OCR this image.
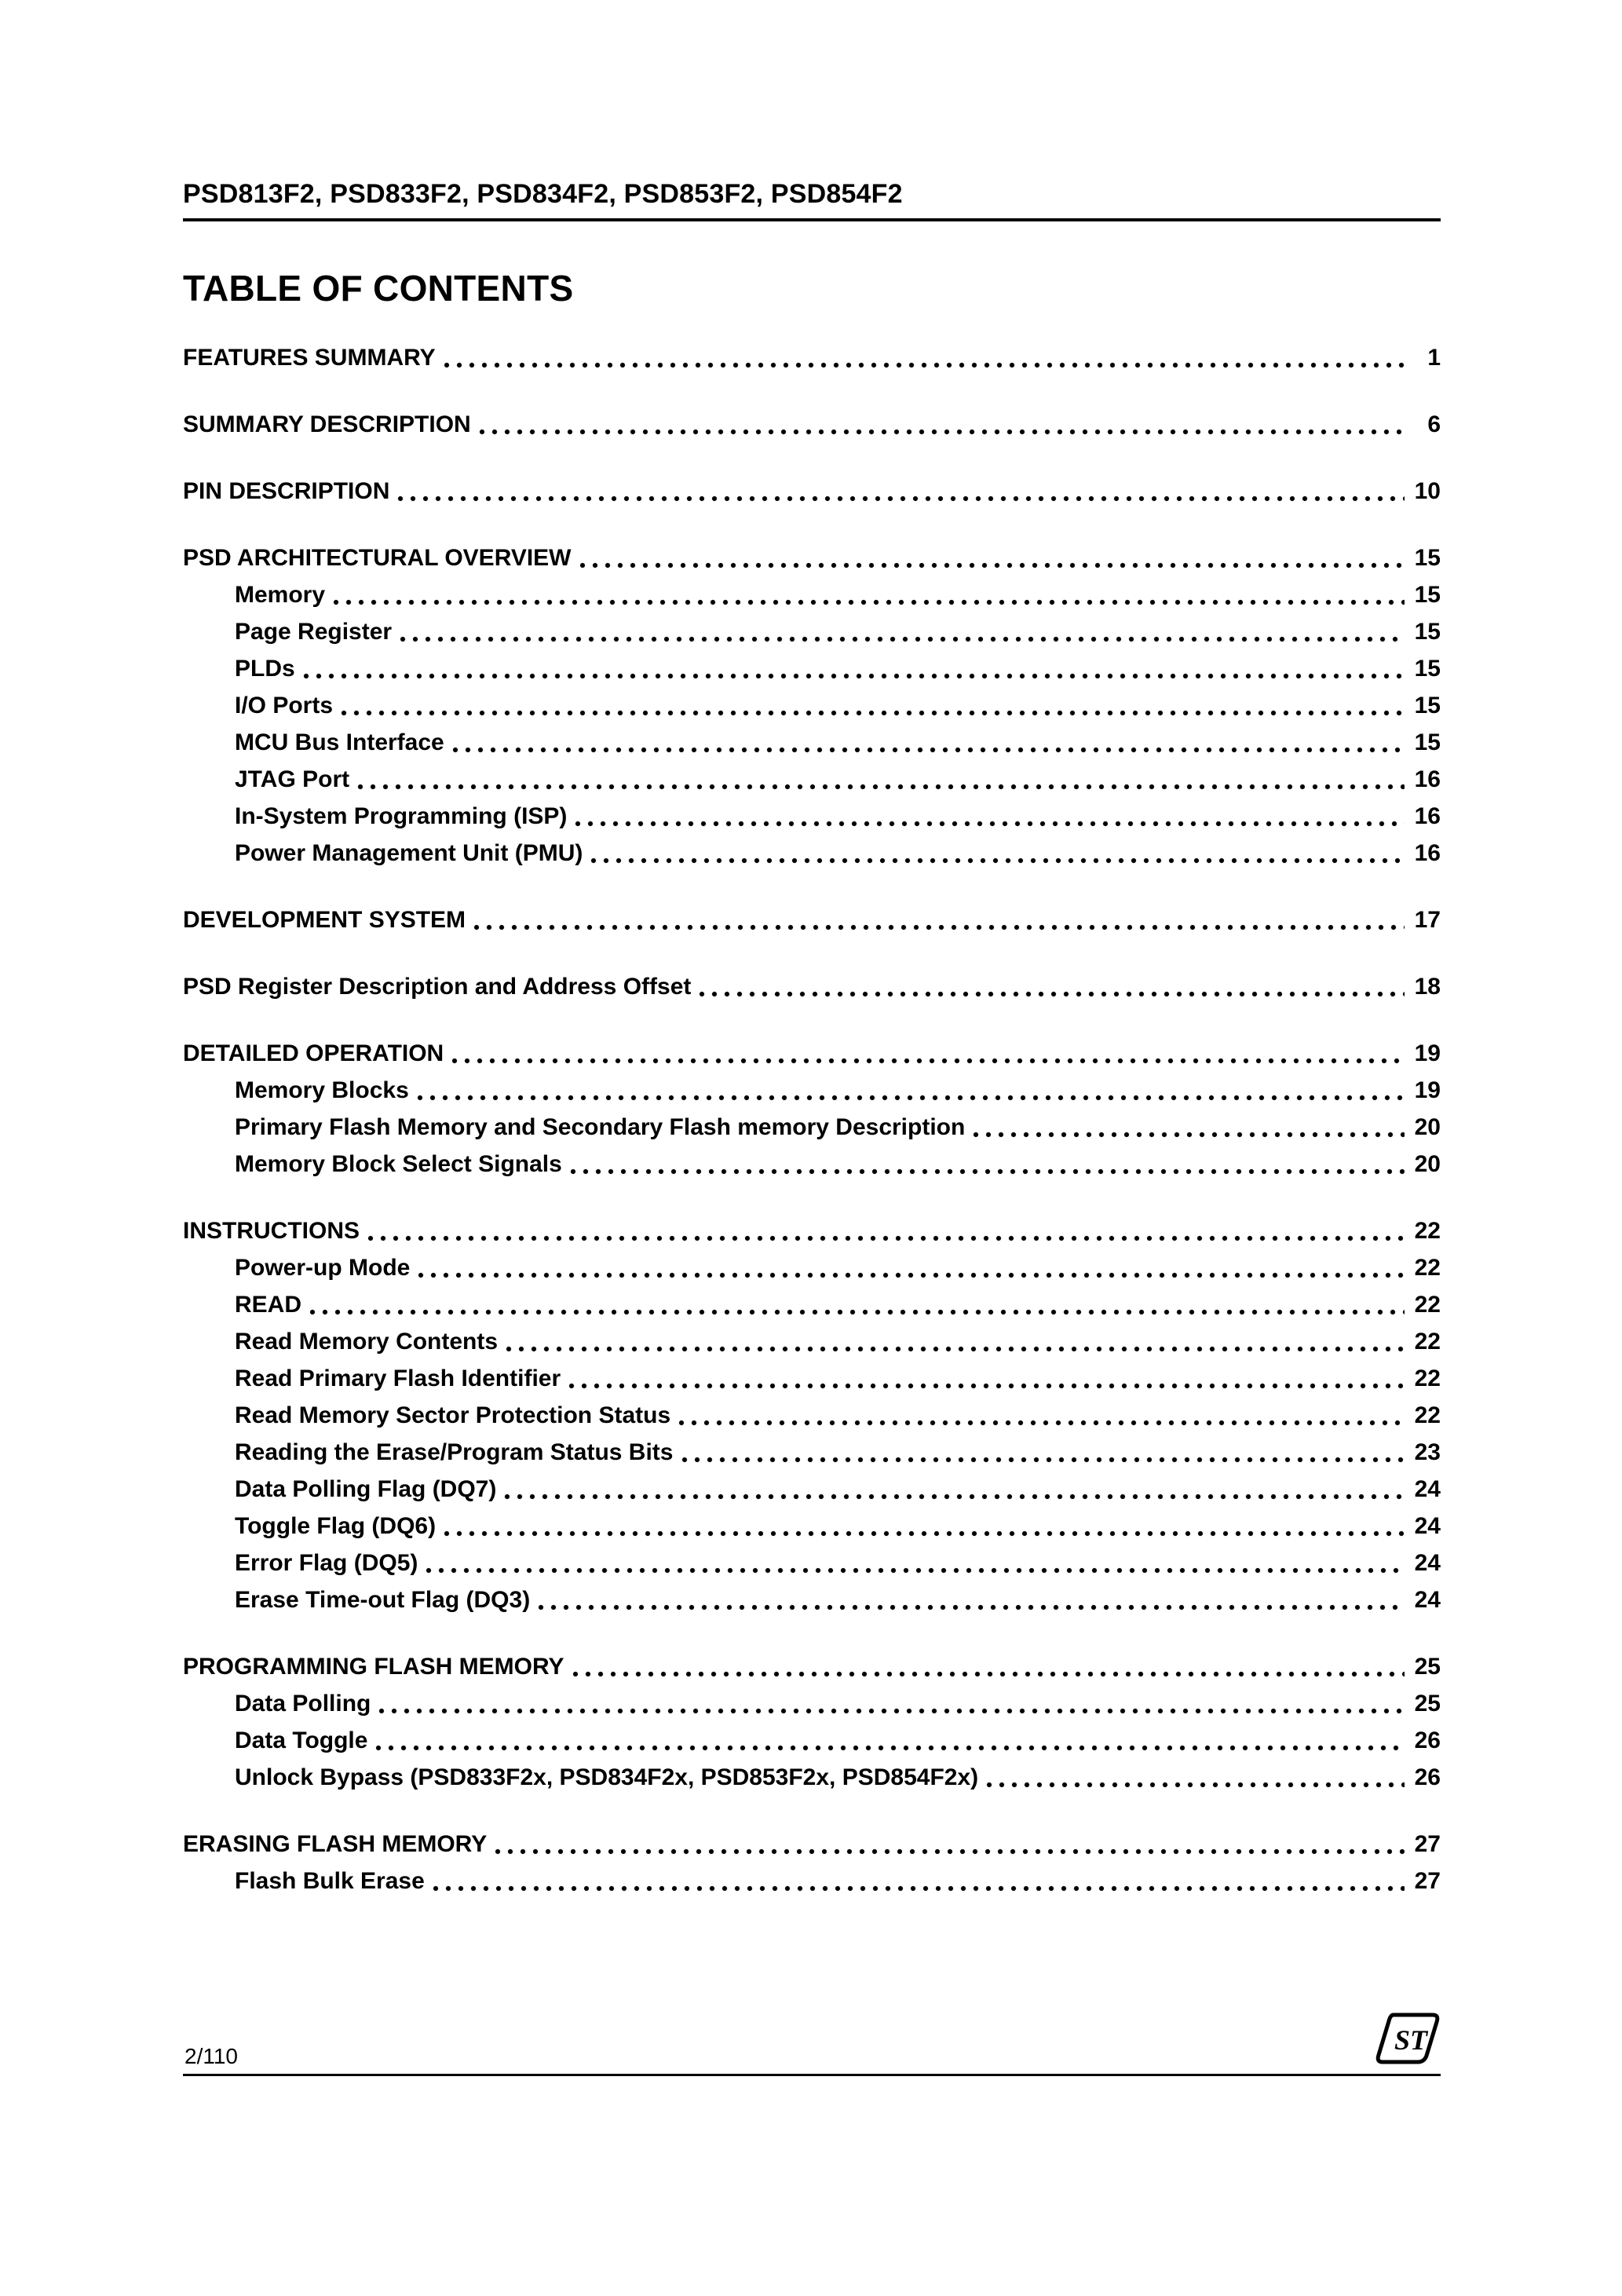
PSD813F2, PSD833F2, PSD834F2, PSD853F2, PSD854F2
TABLE OF CONTENTS
FEATURES SUMMARY	1
SUMMARY DESCRIPTION	6
PIN DESCRIPTION	10
PSD ARCHITECTURAL OVERVIEW	15
Memory	15
Page Register	15
PLDs	15
I/O Ports	15
MCU Bus Interface	15
JTAG Port	16
In-System Programming (ISP)	16
Power Management Unit (PMU)	16
DEVELOPMENT SYSTEM	17
PSD Register Description and Address Offset	18
DETAILED OPERATION	19
Memory Blocks	19
Primary Flash Memory and Secondary Flash memory Description	20
Memory Block Select Signals	20
INSTRUCTIONS	22
Power-up Mode	22
READ	22
Read Memory Contents	22
Read Primary Flash Identifier	22
Read Memory Sector Protection Status	22
Reading the Erase/Program Status Bits	23
Data Polling Flag (DQ7)	24
Toggle Flag (DQ6)	24
Error Flag (DQ5)	24
Erase Time-out Flag (DQ3)	24
PROGRAMMING FLASH MEMORY	25
Data Polling	25
Data Toggle	26
Unlock Bypass (PSD833F2x, PSD834F2x, PSD853F2x, PSD854F2x)	26
ERASING FLASH MEMORY	27
Flash Bulk Erase	27
2/110
ST
